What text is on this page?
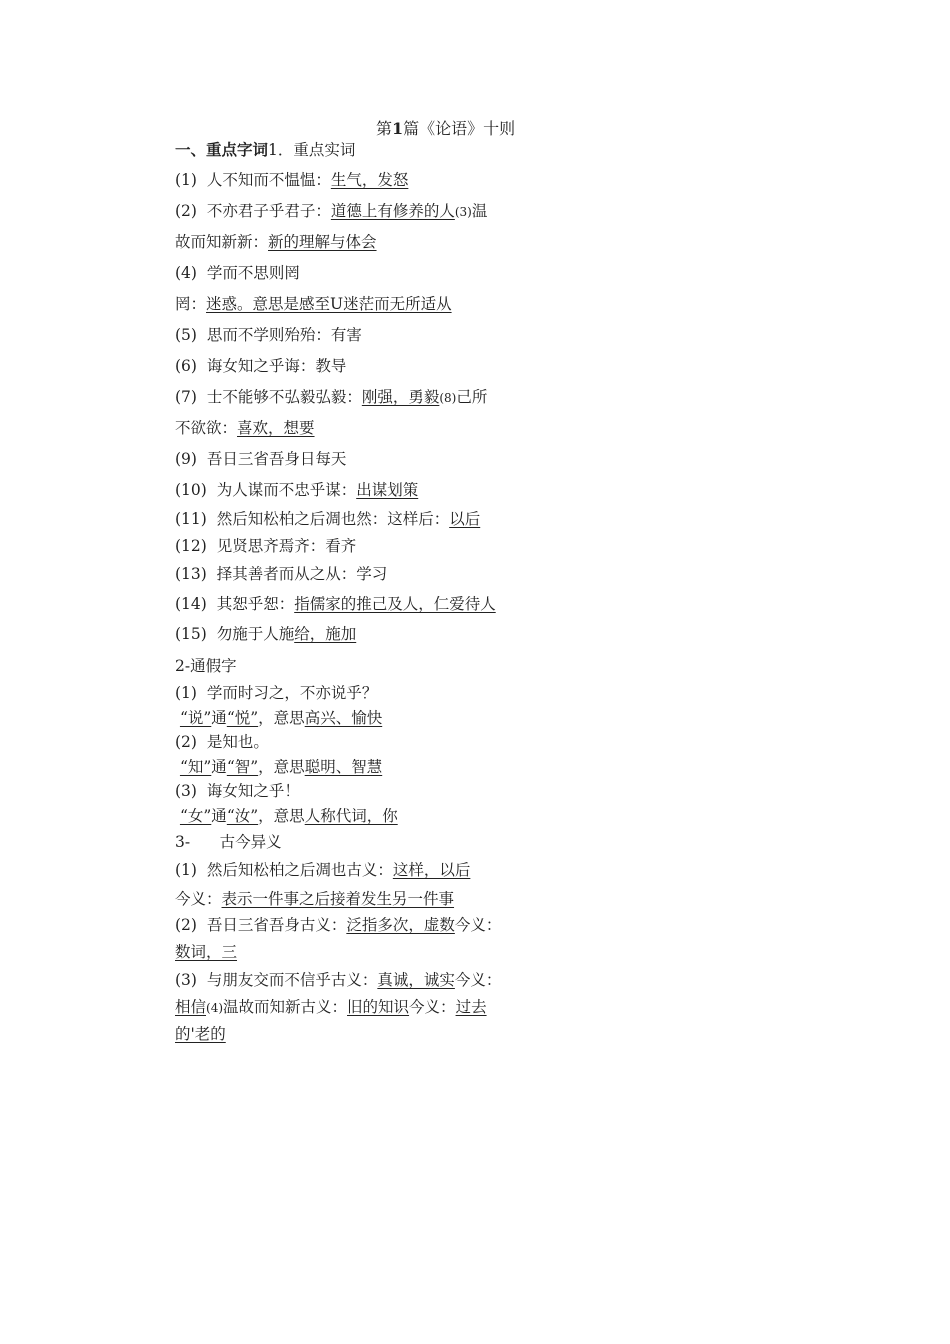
第1篇《论语》十则
一、重点字词1．重点实词
(1) 人不知而不愠愠：生气，发怒
(2) 不亦君子乎君子：道德上有修养的人(3)温
故而知新新：新的理解与体会
(4) 学而不思则罔
罔：迷惑。意思是感至U迷茫而无所适从
(5) 思而不学则殆殆：有害
(6) 诲女知之乎诲：教导
(7) 士不能够不弘毅弘毅：刚强，勇毅(8)己所
不欲欲：喜欢，想要
(9) 吾日三省吾身日每天
(10) 为人谋而不忠乎谋：出谋划策
(11) 然后知松柏之后凋也然：这样后：以后
(12) 见贤思齐焉齐：看齐
(13) 择其善者而从之从：学习
(14) 其恕乎恕：指儒家的推己及人，仁爱待人
(15) 勿施于人施给，施加
2-通假字
(1) 学而时习之，不亦说乎？
“说”通“悦”，意思高兴、愉快
(2) 是知也。
“知”通“智”，意思聪明、智慧
(3) 诲女知之乎！
“女”通“汝”，意思人称代词，你
3- 古今异义
(1) 然后知松柏之后凋也古义：这样，以后
今义：表示一件事之后接着发生另一件事
(2) 吾日三省吾身古义：泛指多次，虚数今义：
数词，三
(3) 与朋友交而不信乎古义：真诚，诚实今义：
相信(4)温故而知新古义：旧的知识今义：过去
的'老的
